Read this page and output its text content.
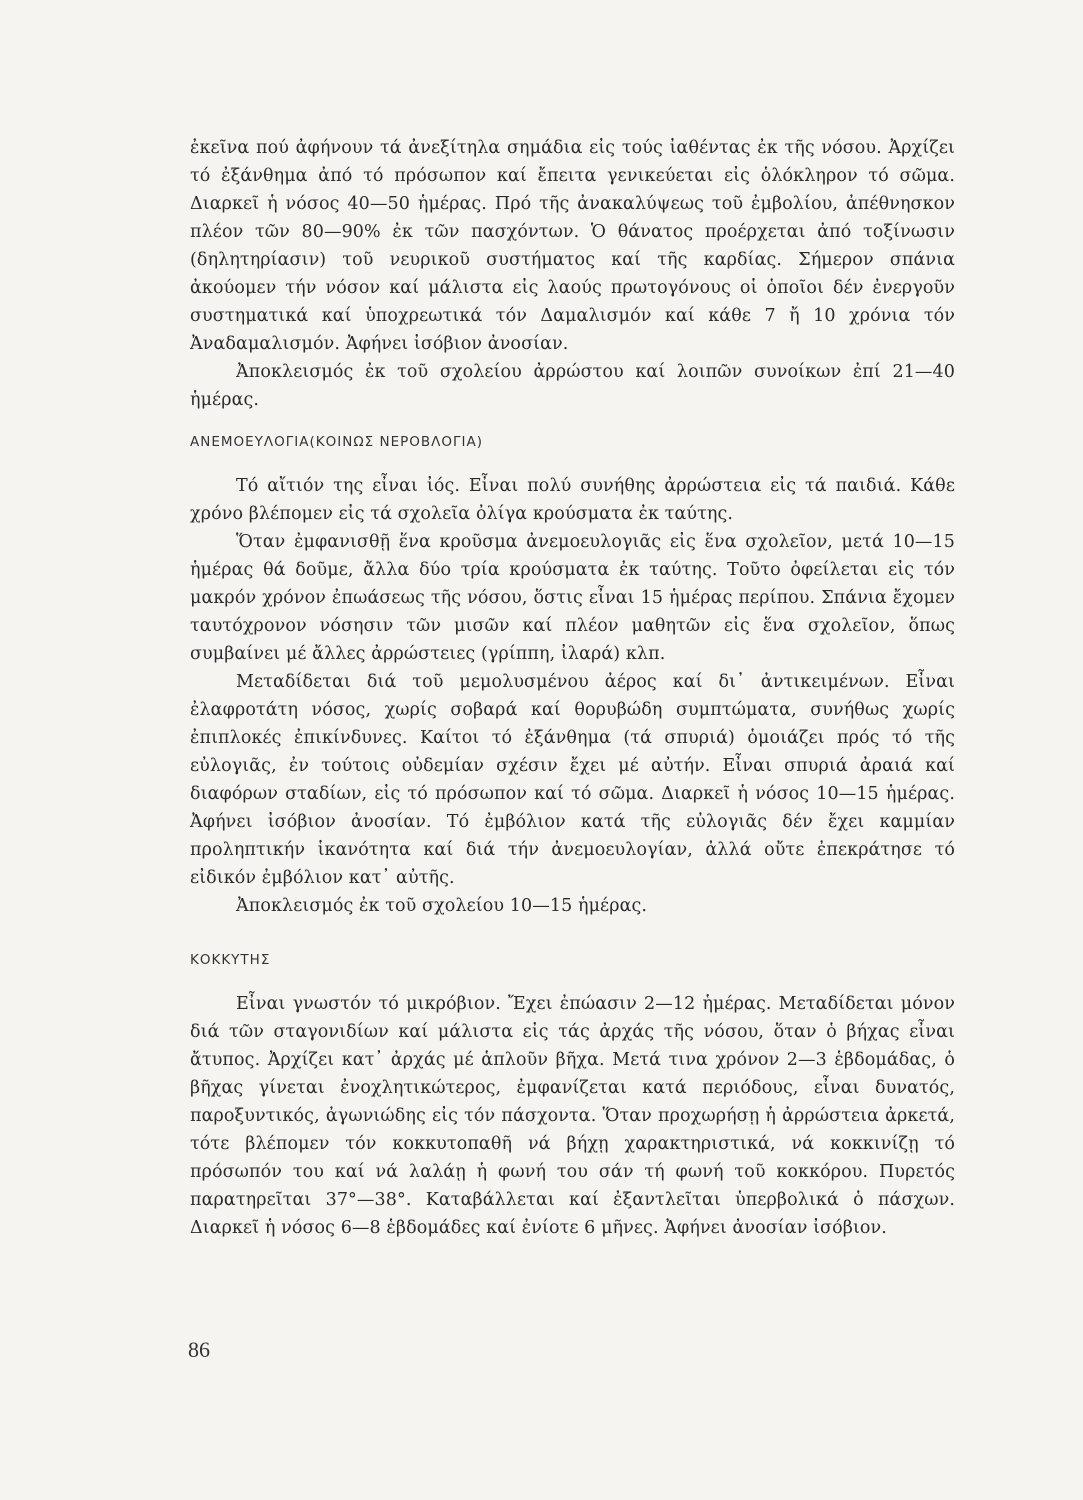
ἐκεῖνα πού ἀφήνουν τά ἀνεξίτηλα σημάδια εἰς τούς ἰαθέντας ἐκ τῆς νόσου. Ἀρχίζει τό ἐξάνθημα ἀπό τό πρόσωπον καί ἔπειτα γενικεύεται εἰς ὁλόκληρον τό σῶμα. Διαρκεῖ ἡ νόσος 40—50 ἡμέρας. Πρό τῆς ἀνακαλύψεως τοῦ ἐμβολίου, ἀπέθνησκον πλέον τῶν 80—90% ἐκ τῶν πασχόντων. Ὁ θάνατος προέρχεται ἀπό τοξίνωσιν (δηλητηρίασιν) τοῦ νευρικοῦ συστήματος καί τῆς καρδίας. Σήμερον σπάνια ἀκούομεν τήν νόσον καί μάλιστα εἰς λαούς πρωτογόνους οἱ ὁποῖοι δέν ἐνεργοῦν συστηματικά καί ὑποχρεωτικά τόν Δαμαλισμόν καί κάθε 7 ἤ 10 χρόνια τόν Ἀναδαμαλισμόν. Ἀφήνει ἰσόβιον ἀνοσίαν.

Ἀποκλεισμός ἐκ τοῦ σχολείου ἀρρώστου καί λοιπῶν συνοίκων ἐπί 21—40 ἡμέρας.

ΑΝΕΜΟΕΥΛΟΓΙΑ(ΚΟΙΝΩΣ ΝΕΡΟΒΛΟΓΙΑ)

Τό αἴτιόν της εἶναι ἰός. Εἶναι πολύ συνήθης ἀρρώστεια εἰς τά παιδιά. Κάθε χρόνο βλέπομεν εἰς τά σχολεῖα ὀλίγα κρούσματα ἐκ ταύτης.

Ὅταν ἐμφανισθῇ ἕνα κροῦσμα ἀνεμοευλογιᾶς εἰς ἕνα σχολεῖον, μετά 10—15 ἡμέρας θά δοῦμε, ἄλλα δύο τρία κρούσματα ἐκ ταύτης. Τοῦτο ὀφείλεται εἰς τόν μακρόν χρόνον ἐπωάσεως τῆς νόσου, ὅστις εἶναι 15 ἡμέρας περίπου. Σπάνια ἔχομεν ταυτόχρονον νόσησιν τῶν μισῶν καί πλέον μαθητῶν εἰς ἕνα σχολεῖον, ὅπως συμβαίνει μέ ἄλλες ἀρρώστειες (γρίππη, ἰλαρά) κλπ.

Μεταδίδεται διά τοῦ μεμολυσμένου ἀέρος καί δι᾿ ἀντικειμένων. Εἶναι ἐλαφροτάτη νόσος, χωρίς σοβαρά καί θορυβώδη συμπτώματα, συνήθως χωρίς ἐπιπλοκές ἐπικίνδυνες. Καίτοι τό ἐξάνθημα (τά σπυριά) ὁμοιάζει πρός τό τῆς εὐλογιᾶς, ἐν τούτοις οὐδεμίαν σχέσιν ἔχει μέ αὐτήν. Εἶναι σπυριά ἀραιά καί διαφόρων σταδίων, εἰς τό πρόσωπον καί τό σῶμα. Διαρκεῖ ἡ νόσος 10—15 ἡμέρας. Ἀφήνει ἰσόβιον ἀνοσίαν. Τό ἐμβόλιον κατά τῆς εὐλογιᾶς δέν ἔχει καμμίαν προληπτικήν ἱκανότητα καί διά τήν ἀνεμοευλογίαν, ἀλλά οὔτε ἐπεκράτησε τό εἰδικόν ἐμβόλιον κατ᾿ αὐτῆς.

Ἀποκλεισμός ἐκ τοῦ σχολείου 10—15 ἡμέρας.

ΚΟΚΚΥΤΗΣ

Εἶναι γνωστόν τό μικρόβιον. Ἔχει ἐπώασιν 2—12 ἡμέρας. Μεταδίδεται μόνον διά τῶν σταγονιδίων καί μάλιστα εἰς τάς ἀρχάς τῆς νόσου, ὅταν ὁ βήχας εἶναι ἄτυπος. Ἀρχίζει κατ᾿ ἀρχάς μέ ἁπλοῦν βῆχα. Μετά τινα χρόνον 2—3 ἑβδομάδας, ὁ βῆχας γίνεται ἐνοχλητικώτερος, ἐμφανίζεται κατά περιόδους, εἶναι δυνατός, παροξυντικός, ἀγωνιώδης εἰς τόν πάσχοντα. Ὅταν προχωρήσῃ ἡ ἀρρώστεια ἀρκετά, τότε βλέπομεν τόν κοκκυτοπαθῆ νά βήχῃ χαρακτηριστικά, νά κοκκινίζῃ τό πρόσωπόν του καί νά λαλάῃ ἡ φωνή του σάν τή φωνή τοῦ κοκκόρου. Πυρετός παρατηρεῖται 37°—38°. Καταβάλλεται καί ἐξαντλεῖται ὑπερβολικά ὁ πάσχων. Διαρκεῖ ἡ νόσος 6—8 ἑβδομάδες καί ἐνίοτε 6 μῆνες. Ἀφήνει ἀνοσίαν ἰσόβιον.

86
